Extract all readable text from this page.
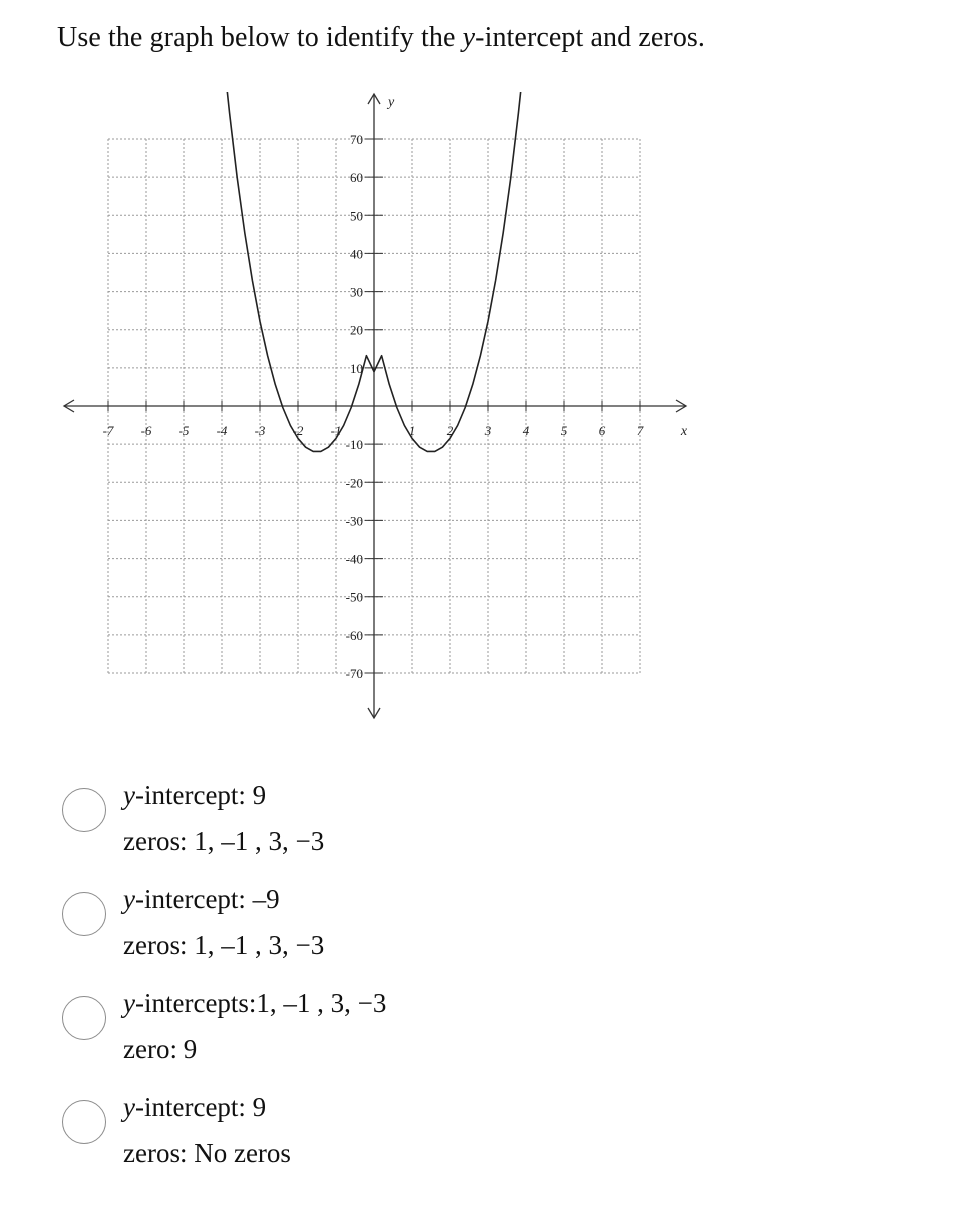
Use the graph below to identify the y-intercept and zeros.
-7 -6 -5 -4 -3 -2 -1	1 2 3 4 5 6 7
70
60
50
40
30
20
10
-10
-20
-30
-40
-50
-60
-70
x
y
y-intercept: 9
zeros: 1, –1 , 3, −3
y-intercept: –9
zeros: 1, –1 , 3, −3
y-intercepts:1, –1 , 3, −3
zero: 9
y-intercept: 9
zeros: No zeros
